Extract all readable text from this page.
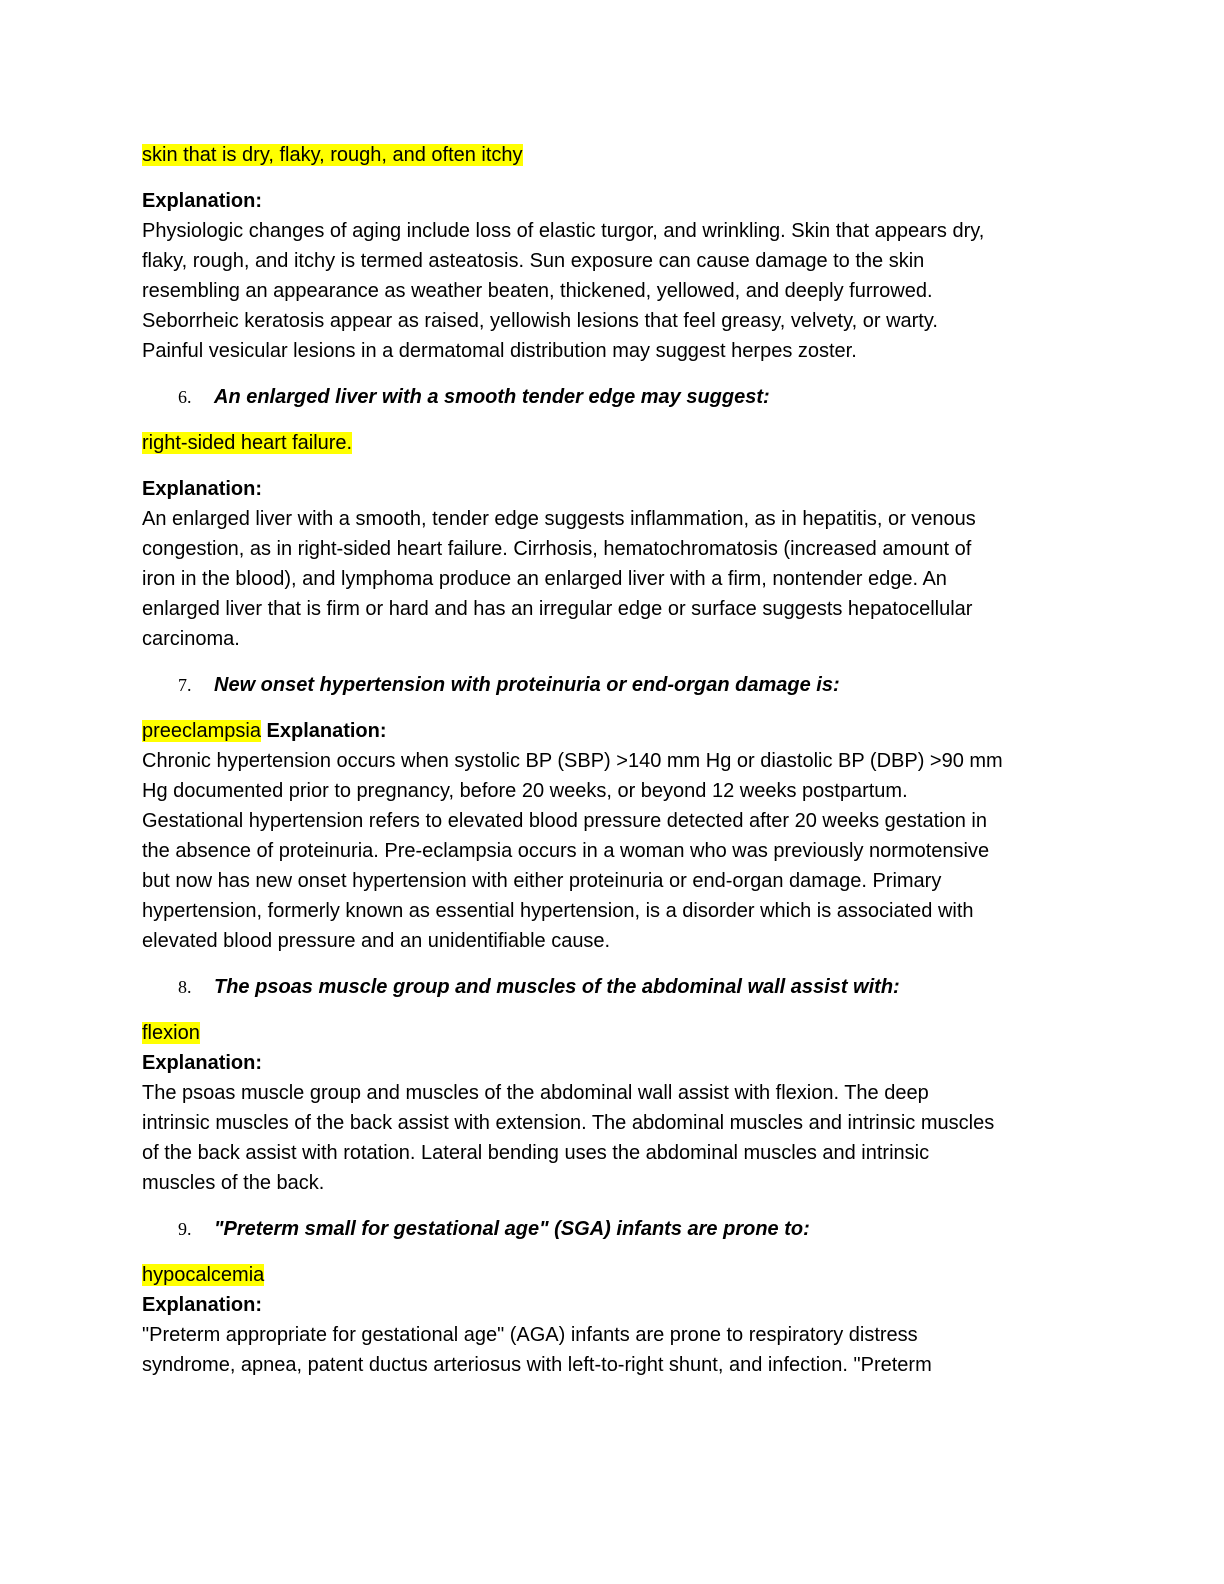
skin that is dry, flaky, rough, and often itchy
Explanation:
Physiologic changes of aging include loss of elastic turgor, and wrinkling. Skin that appears dry,
flaky, rough, and itchy is termed asteatosis. Sun exposure can cause damage to the skin
resembling an appearance as weather beaten, thickened, yellowed, and deeply furrowed.
Seborrheic keratosis appear as raised, yellowish lesions that feel greasy, velvety, or warty.
Painful vesicular lesions in a dermatomal distribution may suggest herpes zoster.
6. An enlarged liver with a smooth tender edge may suggest:
right-sided heart failure.
Explanation:
An enlarged liver with a smooth, tender edge suggests inflammation, as in hepatitis, or venous
congestion, as in right-sided heart failure. Cirrhosis, hematochromatosis (increased amount of
iron in the blood), and lymphoma produce an enlarged liver with a firm, nontender edge. An
enlarged liver that is firm or hard and has an irregular edge or surface suggests hepatocellular
carcinoma.
7. New onset hypertension with proteinuria or end-organ damage is:
preeclampsia Explanation:
Chronic hypertension occurs when systolic BP (SBP) >140 mm Hg or diastolic BP (DBP) >90 mm
Hg documented prior to pregnancy, before 20 weeks, or beyond 12 weeks postpartum.
Gestational hypertension refers to elevated blood pressure detected after 20 weeks gestation in
the absence of proteinuria. Pre-eclampsia occurs in a woman who was previously normotensive
but now has new onset hypertension with either proteinuria or end-organ damage. Primary
hypertension, formerly known as essential hypertension, is a disorder which is associated with
elevated blood pressure and an unidentifiable cause.
8. The psoas muscle group and muscles of the abdominal wall assist with:
flexion
Explanation:
The psoas muscle group and muscles of the abdominal wall assist with flexion. The deep
intrinsic muscles of the back assist with extension. The abdominal muscles and intrinsic muscles
of the back assist with rotation. Lateral bending uses the abdominal muscles and intrinsic
muscles of the back.
9. "Preterm small for gestational age" (SGA) infants are prone to:
hypocalcemia
Explanation:
"Preterm appropriate for gestational age" (AGA) infants are prone to respiratory distress
syndrome, apnea, patent ductus arteriosus with left-to-right shunt, and infection. "Preterm
